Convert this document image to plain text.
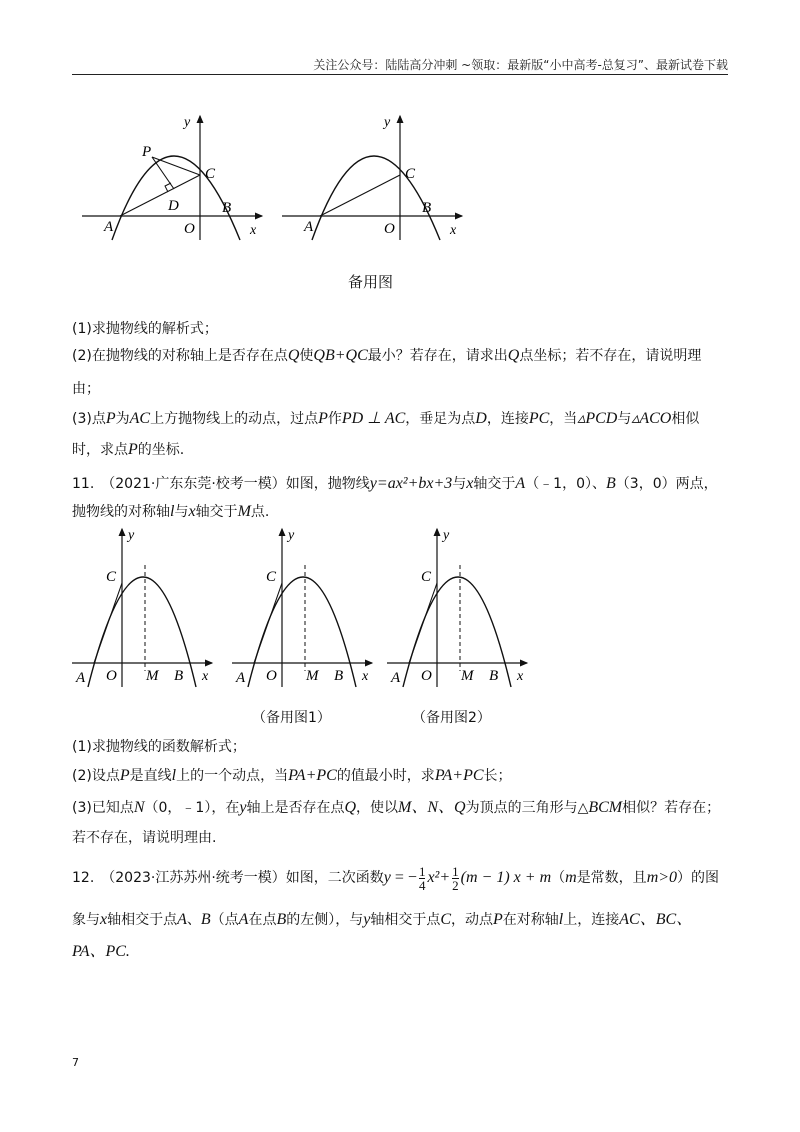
关注公众号：陆陆高分冲刺 ~领取：最新版“小中高考-总复习”、最新试卷下载
P
C
D
A	O
B
x
y
C
A	O
B
x
y
备用图
(1)求抛物线的解析式；
(2)在抛物线的对称轴上是否存在点Q使QB+QC最小？若存在，请求出Q点坐标；若不存在，请说明理
由；
(3)点P为AC上方抛物线上的动点，过点P作PD ⊥ AC，垂足为点D，连接PC，当▵PCD与▵ACO相似
时，求点P的坐标.
11.　（2021·广东东莞·校考一模）如图，抛物线y=ax²+bx+3与x轴交于A（﹣1，0）、B（3，0）两点，
抛物线的对称轴l与x轴交于M点.
C
y
A O M B x
C
y
A O M B x
C
y
A O M B x
（备用图1）	（备用图2）
(1)求抛物线的函数解析式；
(2)设点P是直线l上的一个动点，当PA+PC的值最小时，求PA+PC长；
(3)已知点N（0，﹣1），在y轴上是否存在点Q，使以M、N、Q为顶点的三角形与△BCM相似？若存在；
若不存在，请说明理由.
12.　（2023·江苏苏州·统考一模）如图，二次函数y = − $\frac{1}{4} x^2+ \frac{1}{2} (m - 1) x + m(m$是常数，且m>0）的图
象与x轴相交于点A、B（点A在点B的左侧），与y轴相交于点C，动点P在对称轴l上，连接AC、BC、
PA、PC.
7
